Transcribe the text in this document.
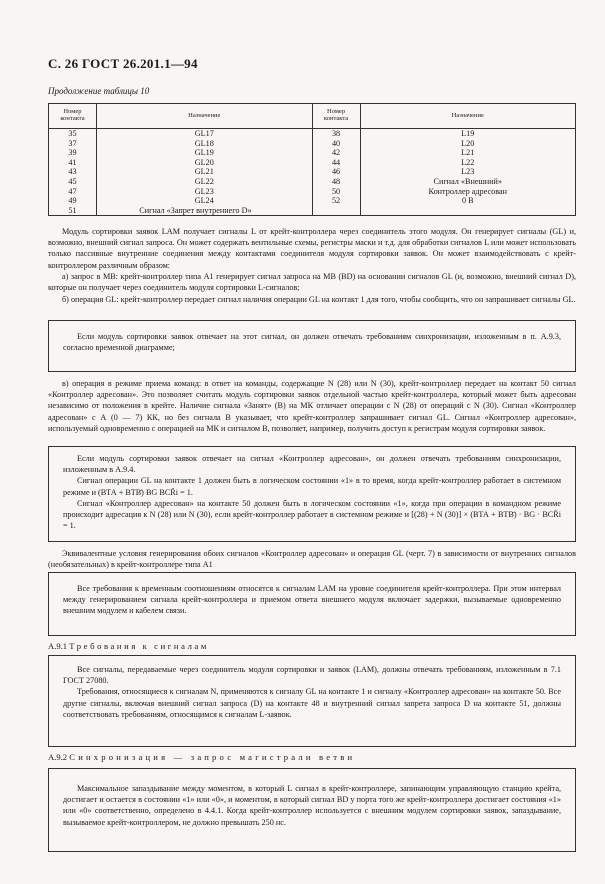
С. 26 ГОСТ 26.201.1—94
Продолжение таблицы 10
Номер контакта	Назначение	Номер контакта	Назначение
35	GL17	38	L19
37	GL18	40	L20
39	GL19	42	L21
41	GL20	44	L22
43	GL21	46	L23
45	GL22	48	Сигнал «Внешний»
47	GL23	50	Контроллер адресован
49	GL24	52	0 В
51	Сигнал «Запрет внутреннего D»		
Модуль сортировки заявок LAM получает сигналы L от крейт-контроллера через соединитель этого модуля. Он генерирует сигналы (GL) и, возможно, внешний сигнал запроса. Он может содержать вентильные схемы, регистры маски и т.д. для обработки сигналов L или может использовать только пассивные внутренние соединения между контактами соединителя модуля сортировки заявок. Он может взаимодействовать с крейт-контроллером различным образом:
а) запрос в МВ: крейт-контроллер типа А1 генерирует сигнал запроса на МВ (BD) на основании сигналов GL (и, возможно, внешний сигнал D), которые он получает через соединитель модуля сортировки L-сигналов;
б) операция GL: крейт-контроллер передает сигнал наличия операции GL на контакт 1 для того, чтобы сообщить, что он запрашивает сигналы GL.
Если модуль сортировки заявок отвечает на этот сигнал, он должен отвечать требованиям синхронизации, изложенным в п. А.9.3, согласно временной диаграмме;
в) операция в режиме приема команд: в ответ на команды, содержащие N (28) или N (30), крейт-контроллер передает на контакт 50 сигнал «Контроллер адресован». Это позволяет считать модуль сортировки заявок отдельной частью крейт-контроллера, который может быть адресован независимо от положения в крейте. Наличие сигнала «Занят» (В) на МК отличает операции с N (28) от операций с N (30). Сигнал «Контроллер адресован» с А (0 — 7) КК, но без сигнала В указывает, что крейт-контроллер запрашивает сигнал GL. Сигнал «Контроллер адресован», используемый одновременно с операцией на МК и сигналом В, позволяет, например, получить доступ к регистрам модуля сортировки заявок.
Если модуль сортировки заявок отвечает на сигнал «Контроллер адресован», он должен отвечать требованиям синхронизации, изложенным в А.9.4.
Сигнал операции GL на контакте 1 должен быть в логическом состоянии «1» в то время, когда крейт-контроллер работает в системном режиме и (ВТА + ВТВ̄) BG BCR̄i = 1.
Сигнал «Контроллер адресован» на контакте 50 должен быть в логическом состоянии «1», когда при операции в командном режиме происходит адресация к N (28) или N (30), если крейт-контроллер работает в системном режиме и [(28) + N (30)] × (ВТА + ВТВ̄) · BG · BCR̄i = 1.
Эквивалентные условия генерирования обоих сигналов «Контроллер адресован» и операция GL (черт. 7) в зависимости от внутренних сигналов (необязательных) в крейт-контроллере типа А1
Все требования к временным соотношениям относятся к сигналам LAM на уровне соединителя крейт-контроллера. При этом интервал между генерированием сигнала крейт-контроллера и приемом ответа внешнего модуля включает задержки, вызываемые одновременно внешним модулем и кабелем связи.
А.9.1 Требования к сигналам
Все сигналы, передаваемые через соединитель модуля сортировки и заявок (LAM), должны отвечать требованиям, изложенным в 7.1 ГОСТ 27080.
Требования, относящиеся к сигналам N, применяются к сигналу GL на контакте 1 и сигналу «Контроллер адресован» на контакте 50. Все другие сигналы, включая внешний сигнал запроса (D) на контакте 48 и внутренний сигнал запрета запроса D на контакте 51, должны соответствовать требованиям, относящимся к сигналам L-заявок.
А.9.2 Синхронизация — запрос магистрали ветви
Максимальное запаздывание между моментом, в который L сигнал в крейт-контроллере, запинающим управляющую станцию крейта, достигает и остается в состоянии «1» или «0», и моментом, в который сигнал BD у порта того же крейт-контроллера достигает состояния «1» или «0» соответственно, определено в 4.4.1. Когда крейт-контроллер используется с внешним модулем сортировки заявок, запаздывание, вызываемое крейт-контроллером, не должно превышать 250 нс.
